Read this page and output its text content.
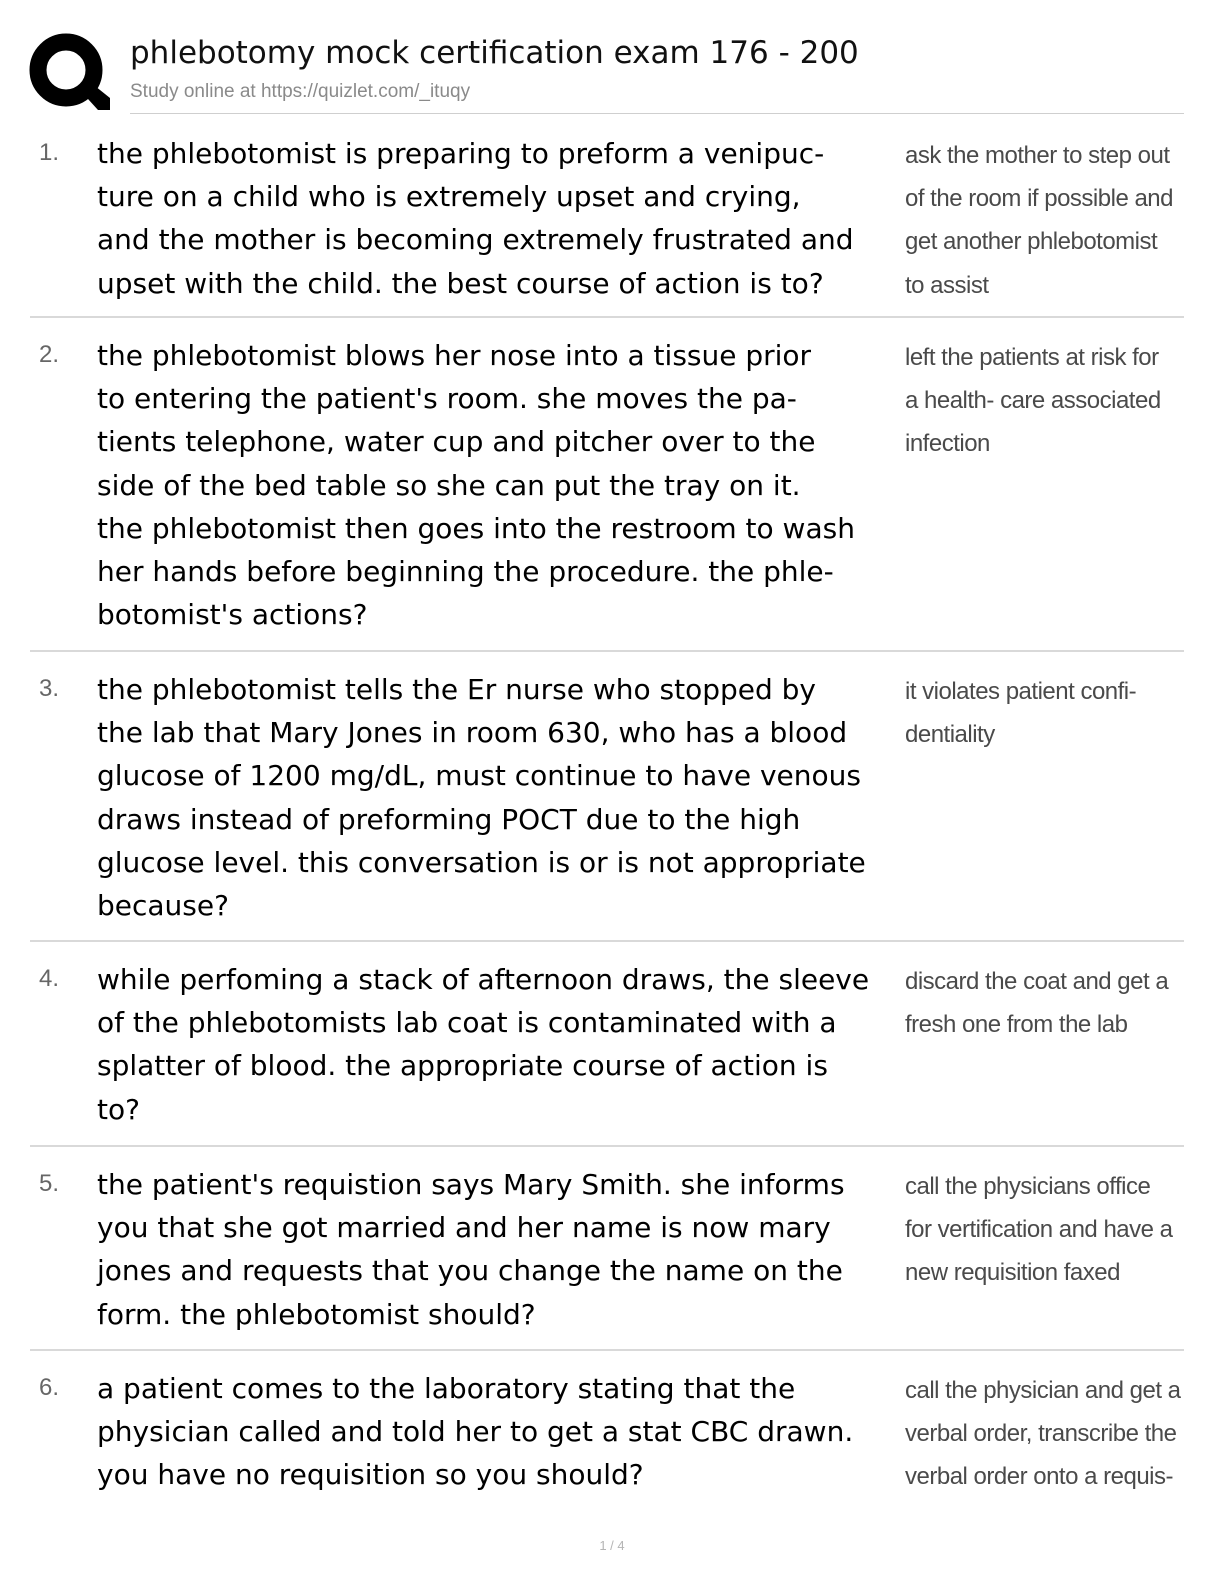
phlebotomy mock certification exam 176 - 200
Study online at https://quizlet.com/_ituqy
1. the phlebotomist is preparing to preform a venipuc-
ture on a child who is extremely upset and crying,
and the mother is becoming extremely frustrated and
upset with the child. the best course of action is to?
ask the mother to step out
of the room if possible and
get another phlebotomist
to assist
2. the phlebotomist blows her nose into a tissue prior
to entering the patient's room. she moves the pa-
tients telephone, water cup and pitcher over to the
side of the bed table so she can put the tray on it.
the phlebotomist then goes into the restroom to wash
her hands before beginning the procedure. the phle-
botomist's actions?
left the patients at risk for
a health- care associated
infection
3. the phlebotomist tells the Er nurse who stopped by
the lab that Mary Jones in room 630, who has a blood
glucose of 1200 mg/dL, must continue to have venous
draws instead of preforming POCT due to the high
glucose level. this conversation is or is not appropriate
because?
it violates patient confi-
dentiality
4. while perfoming a stack of afternoon draws, the sleeve
of the phlebotomists lab coat is contaminated with a
splatter of blood. the appropriate course of action is
to?
discard the coat and get a
fresh one from the lab
5. the patient's requistion says Mary Smith. she informs
you that she got married and her name is now mary
jones and requests that you change the name on the
form. the phlebotomist should?
call the physicians office
for vertification and have a
new requisition faxed
6. a patient comes to the laboratory stating that the
physician called and told her to get a stat CBC drawn.
you have no requisition so you should?
call the physician and get a
verbal order, transcribe the
verbal order onto a requis-
1 / 4
